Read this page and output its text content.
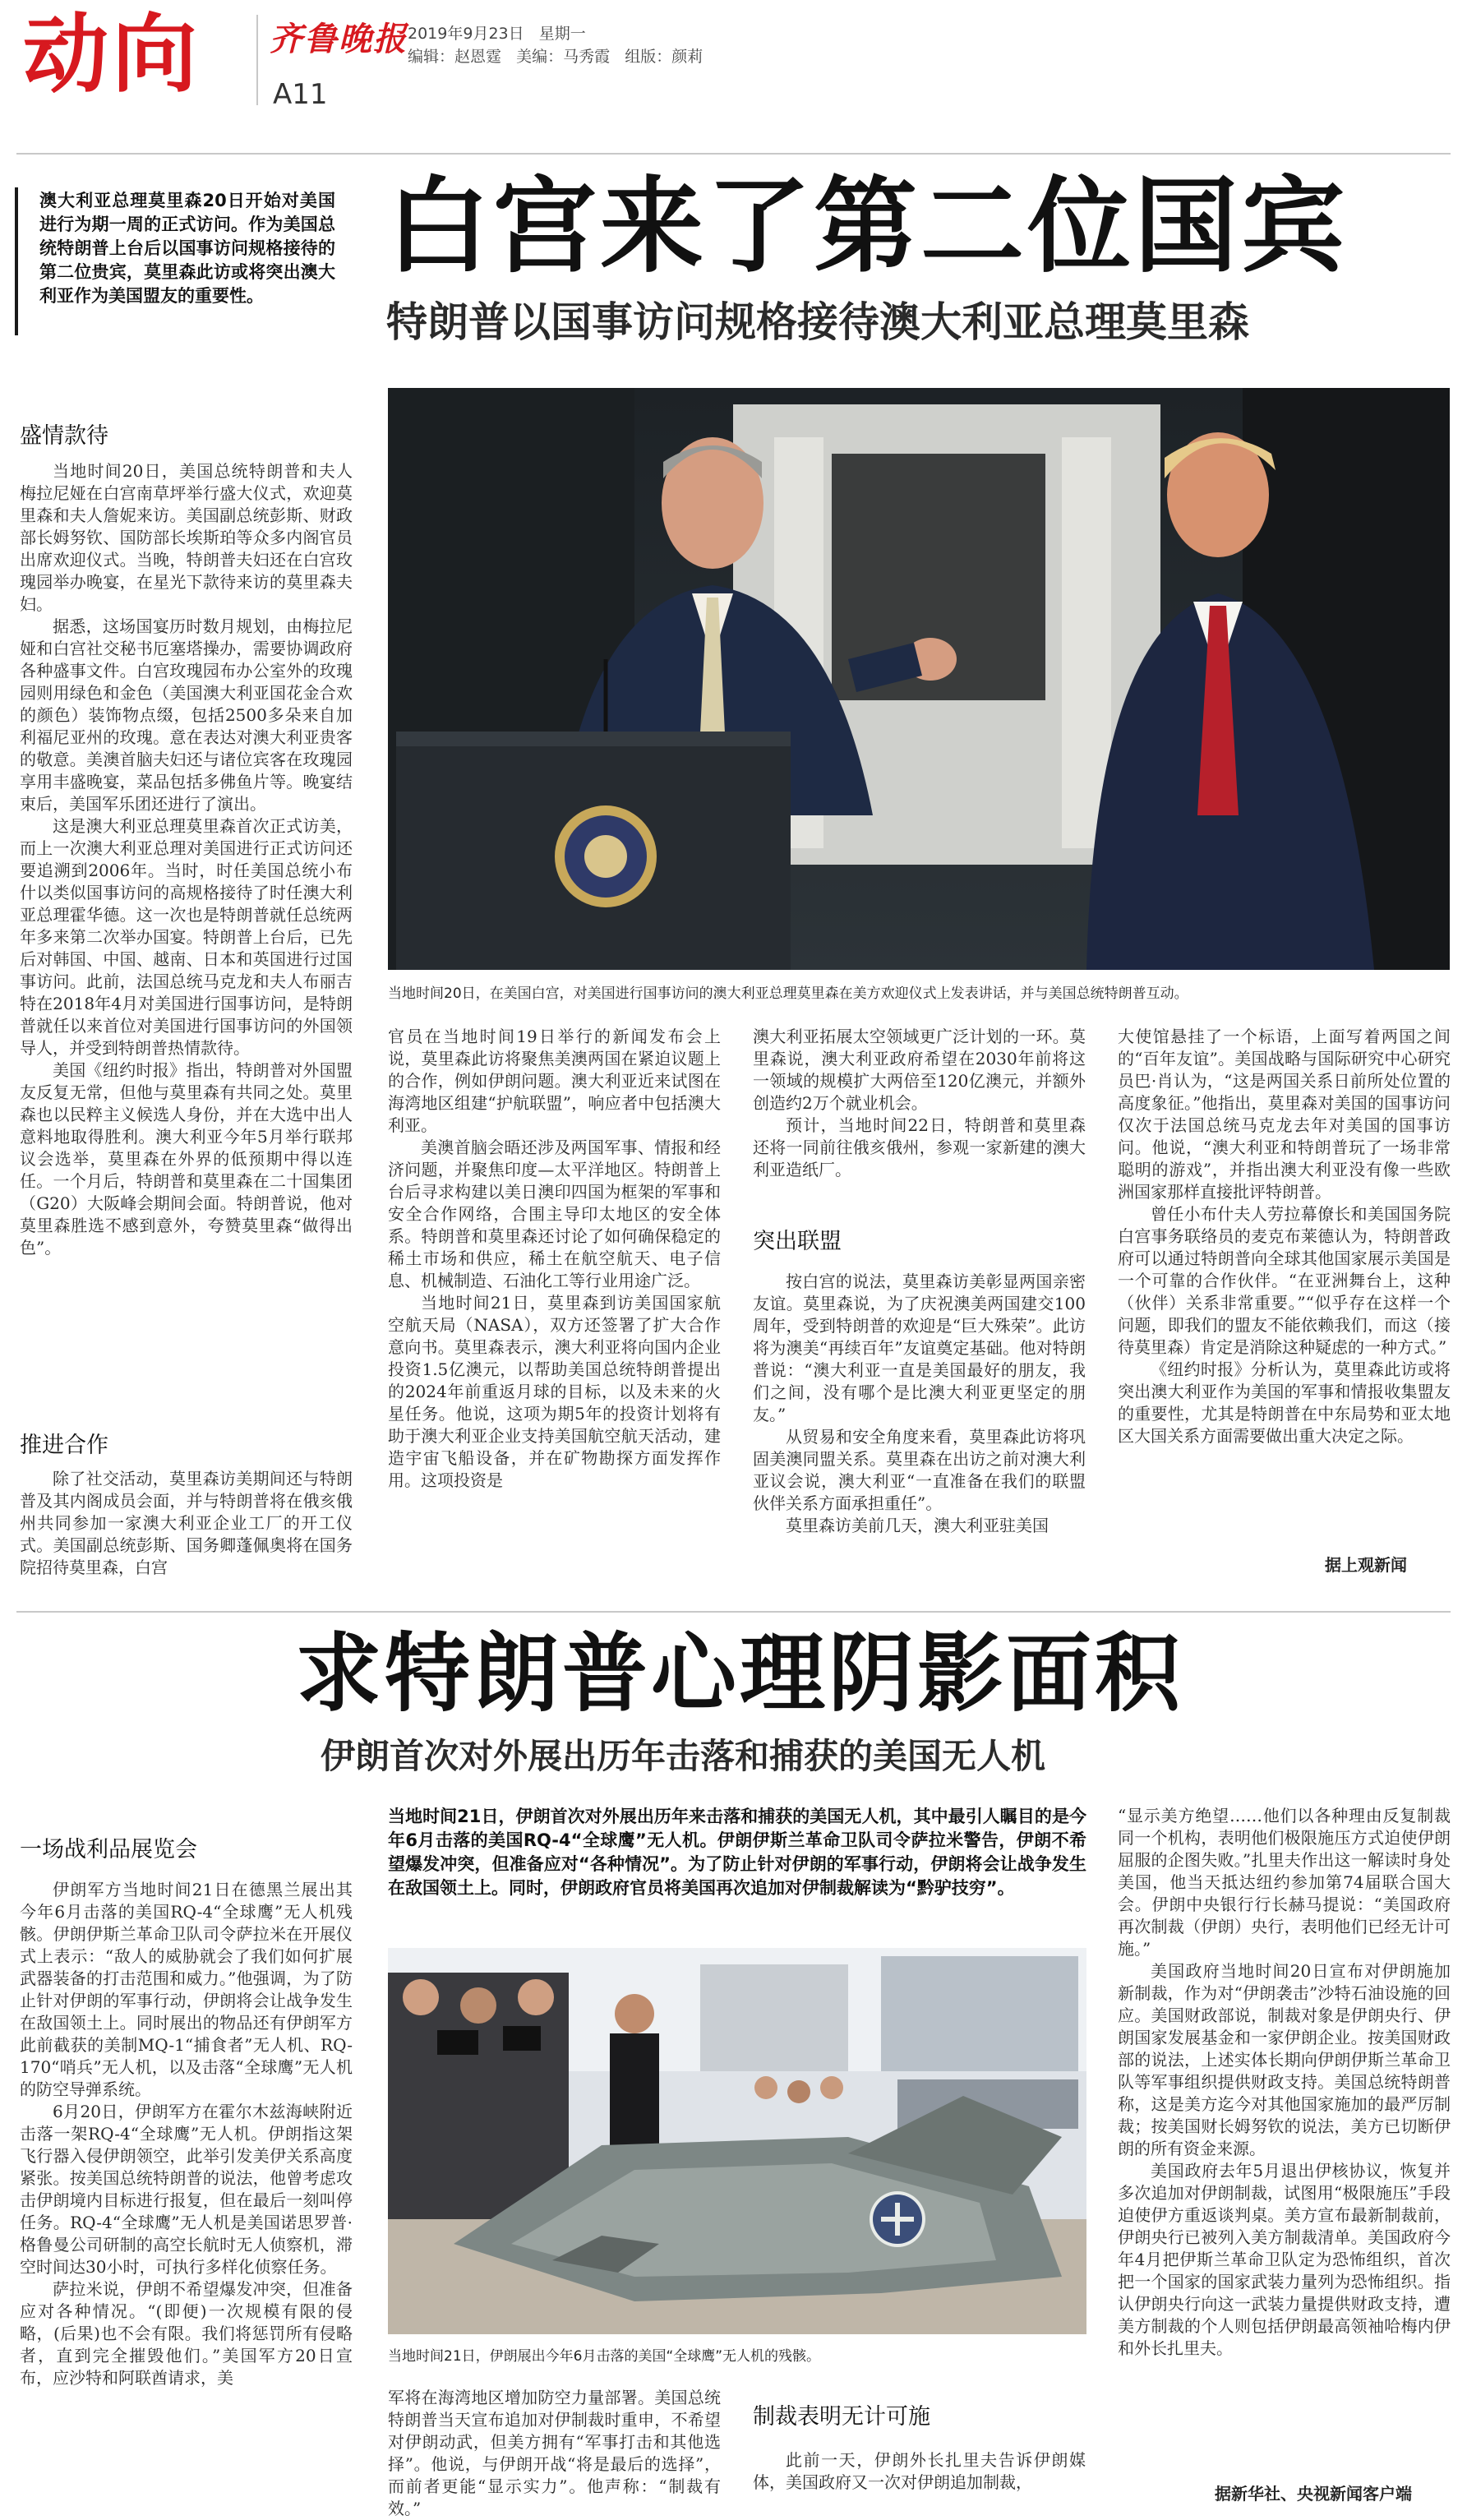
动向 齐鲁晚报 2019年9月23日 星期一
编辑：赵恩霆 美编：马秀霞 组版：颜莉
A11
澳大利亚总理莫里森20日开始对美国进行为期一周的正式访问。作为美国总统特朗普上台后以国事访问规格接待的第二位贵宾，莫里森此访或将突出澳大利亚作为美国盟友的重要性。
白宫来了第二位国宾
特朗普以国事访问规格接待澳大利亚总理莫里森
当地时间20日，在美国白宫，对美国进行国事访问的澳大利亚总理莫里森在美方欢迎仪式上发表讲话，并与美国总统特朗普互动。
盛情款待

当地时间20日，美国总统特朗普和夫人梅拉尼娅在白宫南草坪举行盛大仪式，欢迎莫里森和夫人詹妮来访。美国副总统彭斯、财政部长姆努钦、国防部长埃斯珀等众多内阁官员出席欢迎仪式。当晚，特朗普夫妇还在白宫玫瑰园举办晚宴，在星光下款待来访的莫里森夫妇。

据悉，这场国宴历时数月规划，由梅拉尼娅和白宫社交秘书厄塞塔操办，需要协调政府各种盛事文件。白宫玫瑰园布办公室外的玫瑰园则用绿色和金色（美国澳大利亚国花金合欢的颜色）装饰物点缀，包括2500多朵来自加利福尼亚州的玫瑰。意在表达对澳大利亚贵客的敬意。美澳首脑夫妇还与诸位宾客在玫瑰园享用丰盛晚宴，菜品包括多佛鱼片等。晚宴结束后，美国军乐团还进行了演出。

这是澳大利亚总理莫里森首次正式访美，而上一次澳大利亚总理对美国进行正式访问还要追溯到2006年。当时，时任美国总统小布什以类似国事访问的高规格接待了时任澳大利亚总理霍华德。这一次也是特朗普就任总统两年多来第二次举办国宴。特朗普上台后，已先后对韩国、中国、越南、日本和英国进行过国事访问。此前，法国总统马克龙和夫人布丽吉特在2018年4月对美国进行国事访问，是特朗普就任以来首位对美国进行国事访问的外国领导人，并受到特朗普热情款待。

美国《纽约时报》指出，特朗普对外国盟友反复无常，但他与莫里森有共同之处。莫里森也以民粹主义候选人身份，并在大选中出人意料地取得胜利。澳大利亚今年5月举行联邦议会选举，莫里森在外界的低预期中得以连任。一个月后，特朗普和莫里森在二十国集团（G20）大阪峰会期间会面。特朗普说，他对莫里森胜选不感到意外，夸赞莫里森“做得出色”。

推进合作

除了社交活动，莫里森访美期间还与特朗普及其内阁成员会面，并与特朗普将在俄亥俄州共同参加一家澳大利亚企业工厂的开工仪式。美国副总统彭斯、国务卿蓬佩奥将在国务院招待莫里森，白宫

官员在当地时间19日举行的新闻发布会上说，莫里森此访将聚焦美澳两国在紧迫议题上的合作，例如伊朗问题。澳大利亚近来试图在海湾地区组建“护航联盟”，响应者中包括澳大利亚。

美澳首脑会晤还涉及两国军事、情报和经济问题，并聚焦印度—太平洋地区。特朗普上台后寻求构建以美日澳印四国为框架的军事和安全合作网络，合围主导印太地区的安全体系。特朗普和莫里森还讨论了如何确保稳定的稀土市场和供应，稀土在航空航天、电子信息、机械制造、石油化工等行业用途广泛。

当地时间21日，莫里森到访美国国家航空航天局（NASA），双方还签署了扩大合作意向书。莫里森表示，澳大利亚将向国内企业投资1.5亿澳元，以帮助美国总统特朗普提出的2024年前重返月球的目标，以及未来的火星任务。他说，这项为期5年的投资计划将有助于澳大利亚企业支持美国航空航天活动，建造宇宙飞船设备，并在矿物勘探方面发挥作用。这项投资是

澳大利亚拓展太空领域更广泛计划的一环。莫里森说，澳大利亚政府希望在2030年前将这一领域的规模扩大两倍至120亿澳元，并额外创造约2万个就业机会。

预计，当地时间22日，特朗普和莫里森还将一同前往俄亥俄州，参观一家新建的澳大利亚造纸厂。

突出联盟

按白宫的说法，莫里森访美彰显两国亲密友谊。莫里森说，为了庆祝澳美两国建交100周年，受到特朗普的欢迎是“巨大殊荣”。此访将为澳美“再续百年”友谊奠定基础。他对特朗普说：“澳大利亚一直是美国最好的朋友，我们之间，没有哪个是比澳大利亚更坚定的朋友。”

从贸易和安全角度来看，莫里森此访将巩固美澳同盟关系。莫里森在出访之前对澳大利亚议会说，澳大利亚“一直准备在我们的联盟伙伴关系方面承担重任”。

莫里森访美前几天，澳大利亚驻美国

大使馆悬挂了一个标语，上面写着两国之间的“百年友谊”。美国战略与国际研究中心研究员巴·肖认为，“这是两国关系日前所处位置的高度象征。”他指出，莫里森对美国的国事访问仅次于法国总统马克龙去年对美国的国事访问。他说，“澳大利亚和特朗普玩了一场非常聪明的游戏”，并指出澳大利亚没有像一些欧洲国家那样直接批评特朗普。

曾任小布什夫人劳拉幕僚长和美国国务院白宫事务联络员的麦克布莱德认为，特朗普政府可以通过特朗普向全球其他国家展示美国是一个可靠的合作伙伴。“在亚洲舞台上，这种（伙伴）关系非常重要。”“似乎存在这样一个问题，即我们的盟友不能依赖我们，而这（接待莫里森）肯定是消除这种疑虑的一种方式。”

《纽约时报》分析认为，莫里森此访或将突出澳大利亚作为美国的军事和情报收集盟友的重要性，尤其是特朗普在中东局势和亚太地区大国关系方面需要做出重大决定之际。

据上观新闻
求特朗普心理阴影面积
伊朗首次对外展出历年击落和捕获的美国无人机
一场战利品展览会

伊朗军方当地时间21日在德黑兰展出其今年6月击落的美国RQ-4“全球鹰”无人机残骸。伊朗伊斯兰革命卫队司令萨拉米在开展仪式上表示：“敌人的威胁就会了我们如何扩展武器装备的打击范围和威力。”他强调，为了防止针对伊朗的军事行动，伊朗将会让战争发生在敌国领土上。同时展出的物品还有伊朗军方此前截获的美制MQ-1“捕食者”无人机、RQ-170“哨兵”无人机，以及击落“全球鹰”无人机的防空导弹系统。

6月20日，伊朗军方在霍尔木兹海峡附近击落一架RQ-4“全球鹰”无人机。伊朗指这架飞行器入侵伊朗领空，此举引发美伊关系高度紧张。按美国总统特朗普的说法，他曾考虑攻击伊朗境内目标进行报复，但在最后一刻叫停任务。RQ-4“全球鹰”无人机是美国诺思罗普·格鲁曼公司研制的高空长航时无人侦察机，滞空时间达30小时，可执行多样化侦察任务。

萨拉米说，伊朗不希望爆发冲突，但准备应对各种情况。“(即便)一次规模有限的侵略，(后果)也不会有限。我们将惩罚所有侵略者，直到完全摧毁他们。”美国军方20日宣布，应沙特和阿联酋请求，美

当地时间21日，伊朗首次对外展出历年来击落和捕获的美国无人机，其中最引人瞩目的是今年6月击落的美国RQ-4“全球鹰”无人机。伊朗伊斯兰革命卫队司令萨拉米警告，伊朗不希望爆发冲突，但准备应对“各种情况”。为了防止针对伊朗的军事行动，伊朗将会让战争发生在敌国领土上。同时，伊朗政府官员将美国再次追加对伊制裁解读为“黔驴技穷”。
当地时间21日，伊朗展出今年6月击落的美国“全球鹰”无人机的残骸。

军将在海湾地区增加防空力量部署。美国总统特朗普当天宣布追加对伊制裁时重申，不希望对伊朗动武，但美方拥有“军事打击和其他选择”。他说，与伊朗开战“将是最后的选择”，而前者更能“显示实力”。他声称：“制裁有效。”

制裁表明无计可施

此前一天，伊朗外长扎里夫告诉伊朗媒体，美国政府又一次对伊朗追加制裁，

“显示美方绝望……他们以各种理由反复制裁同一个机构，表明他们极限施压方式迫使伊朗屈服的企图失败。”扎里夫作出这一解读时身处美国，他当天抵达纽约参加第74届联合国大会。伊朗中央银行行长赫马提说：“美国政府再次制裁（伊朗）央行，表明他们已经无计可施。”

美国政府当地时间20日宣布对伊朗施加新制裁，作为对“伊朗袭击”沙特石油设施的回应。美国财政部说，制裁对象是伊朗央行、伊朗国家发展基金和一家伊朗企业。按美国财政部的说法，上述实体长期向伊朗伊斯兰革命卫队等军事组织提供财政支持。美国总统特朗普称，这是美方迄今对其他国家施加的最严厉制裁；按美国财长姆努钦的说法，美方已切断伊朗的所有资金来源。

美国政府去年5月退出伊核协议，恢复并多次追加对伊朗制裁，试图用“极限施压”手段迫使伊方重返谈判桌。美方宣布最新制裁前，伊朗央行已被列入美方制裁清单。美国政府今年4月把伊斯兰革命卫队定为恐怖组织，首次把一个国家的国家武装力量列为恐怖组织。指认伊朗央行向这一武装力量提供财政支持，遭美方制裁的个人则包括伊朗最高领袖哈梅内伊和外长扎里夫。

据新华社、央视新闻客户端
